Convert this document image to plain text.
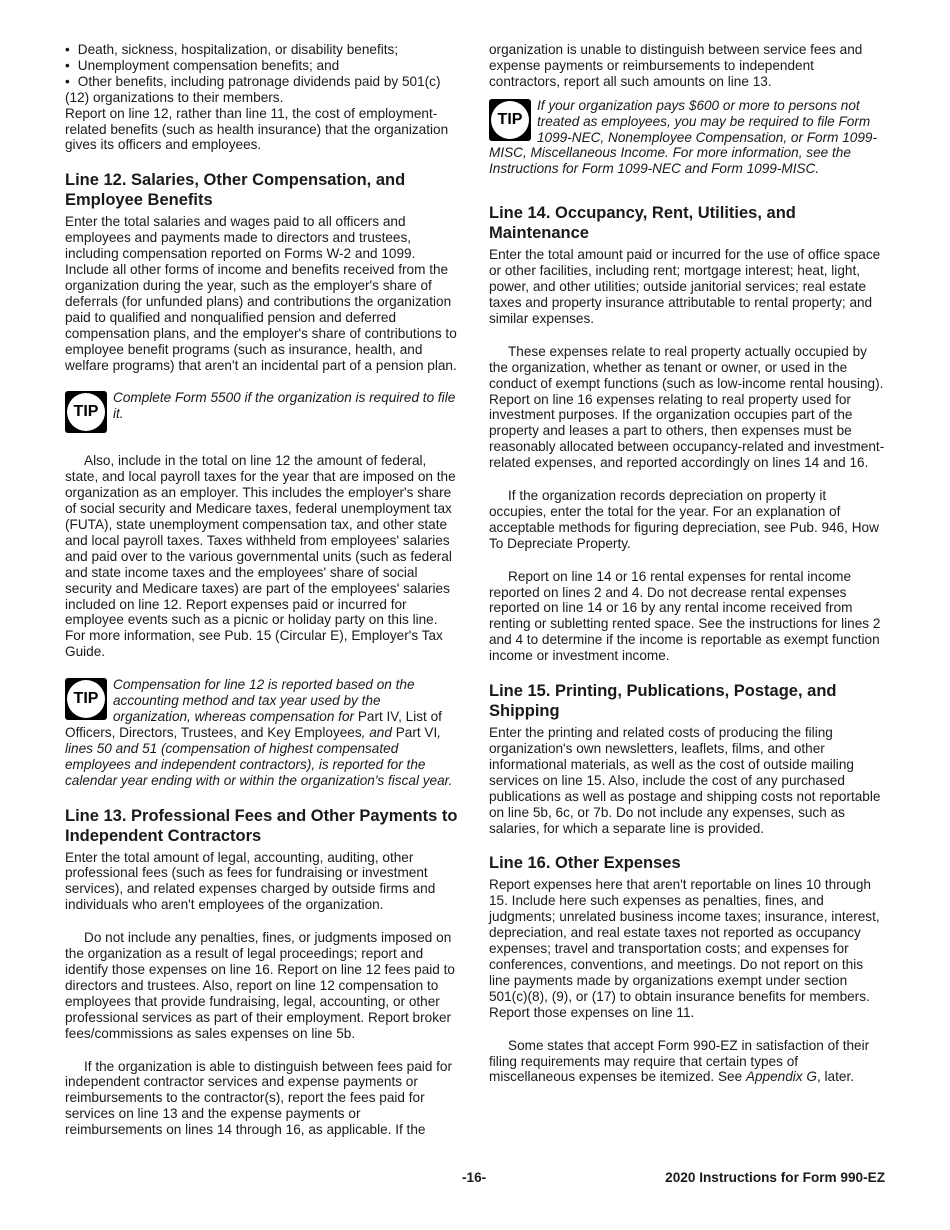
• Death, sickness, hospitalization, or disability benefits;

• Unemployment compensation benefits; and

• Other benefits, including patronage dividends paid by 501(c)(12) organizations to their members.

Report on line 12, rather than line 11, the cost of employment-related benefits (such as health insurance) that the organization gives its officers and employees.

Line 12. Salaries, Other Compensation, and Employee Benefits

Enter the total salaries and wages paid to all officers and employees and payments made to directors and trustees, including compensation reported on Forms W-2 and 1099. Include all other forms of income and benefits received from the organization during the year, such as the employer's share of deferrals (for unfunded plans) and contributions the organization paid to qualified and nonqualified pension and deferred compensation plans, and the employer's share of contributions to employee benefit programs (such as insurance, health, and welfare programs) that aren't an incidental part of a pension plan.

TIP

Complete Form 5500 if the organization is required to file it.

Also, include in the total on line 12 the amount of federal, state, and local payroll taxes for the year that are imposed on the organization as an employer. This includes the employer's share of social security and Medicare taxes, federal unemployment tax (FUTA), state unemployment compensation tax, and other state and local payroll taxes. Taxes withheld from employees' salaries and paid over to the various governmental units (such as federal and state income taxes and the employees' share of social security and Medicare taxes) are part of the employees' salaries included on line 12. Report expenses paid or incurred for employee events such as a picnic or holiday party on this line. For more information, see Pub. 15 (Circular E), Employer's Tax Guide.

TIP

Compensation for line 12 is reported based on the accounting method and tax year used by the organization, whereas compensation for Part IV, List of Officers, Directors, Trustees, and Key Employees, and Part VI, lines 50 and 51 (compensation of highest compensated employees and independent contractors), is reported for the calendar year ending with or within the organization's fiscal year.

Line 13. Professional Fees and Other Payments to Independent Contractors

Enter the total amount of legal, accounting, auditing, other professional fees (such as fees for fundraising or investment services), and related expenses charged by outside firms and individuals who aren't employees of the organization.

Do not include any penalties, fines, or judgments imposed on the organization as a result of legal proceedings; report and identify those expenses on line 16. Report on line 12 fees paid to directors and trustees. Also, report on line 12 compensation to employees that provide fundraising, legal, accounting, or other professional services as part of their employment. Report broker fees/commissions as sales expenses on line 5b.

If the organization is able to distinguish between fees paid for independent contractor services and expense payments or reimbursements to the contractor(s), report the fees paid for services on line 13 and the expense payments or reimbursements on lines 14 through 16, as applicable. If the

organization is unable to distinguish between service fees and expense payments or reimbursements to independent contractors, report all such amounts on line 13.

TIP

If your organization pays $600 or more to persons not treated as employees, you may be required to file Form 1099-NEC, Nonemployee Compensation, or Form 1099-MISC, Miscellaneous Income. For more information, see the Instructions for Form 1099-NEC and Form 1099-MISC.

Line 14. Occupancy, Rent, Utilities, and Maintenance

Enter the total amount paid or incurred for the use of office space or other facilities, including rent; mortgage interest; heat, light, power, and other utilities; outside janitorial services; real estate taxes and property insurance attributable to rental property; and similar expenses.

These expenses relate to real property actually occupied by the organization, whether as tenant or owner, or used in the conduct of exempt functions (such as low-income rental housing). Report on line 16 expenses relating to real property used for investment purposes. If the organization occupies part of the property and leases a part to others, then expenses must be reasonably allocated between occupancy-related and investment-related expenses, and reported accordingly on lines 14 and 16.

If the organization records depreciation on property it occupies, enter the total for the year. For an explanation of acceptable methods for figuring depreciation, see Pub. 946, How To Depreciate Property.

Report on line 14 or 16 rental expenses for rental income reported on lines 2 and 4. Do not decrease rental expenses reported on line 14 or 16 by any rental income received from renting or subletting rented space. See the instructions for lines 2 and 4 to determine if the income is reportable as exempt function income or investment income.

Line 15. Printing, Publications, Postage, and Shipping

Enter the printing and related costs of producing the filing organization's own newsletters, leaflets, films, and other informational materials, as well as the cost of outside mailing services on line 15. Also, include the cost of any purchased publications as well as postage and shipping costs not reportable on line 5b, 6c, or 7b. Do not include any expenses, such as salaries, for which a separate line is provided.

Line 16. Other Expenses

Report expenses here that aren't reportable on lines 10 through 15. Include here such expenses as penalties, fines, and judgments; unrelated business income taxes; insurance, interest, depreciation, and real estate taxes not reported as occupancy expenses; travel and transportation costs; and expenses for conferences, conventions, and meetings. Do not report on this line payments made by organizations exempt under section 501(c)(8), (9), or (17) to obtain insurance benefits for members. Report those expenses on line 11.

Some states that accept Form 990-EZ in satisfaction of their filing requirements may require that certain types of miscellaneous expenses be itemized. See Appendix G, later.

-16-	2020 Instructions for Form 990-EZ
